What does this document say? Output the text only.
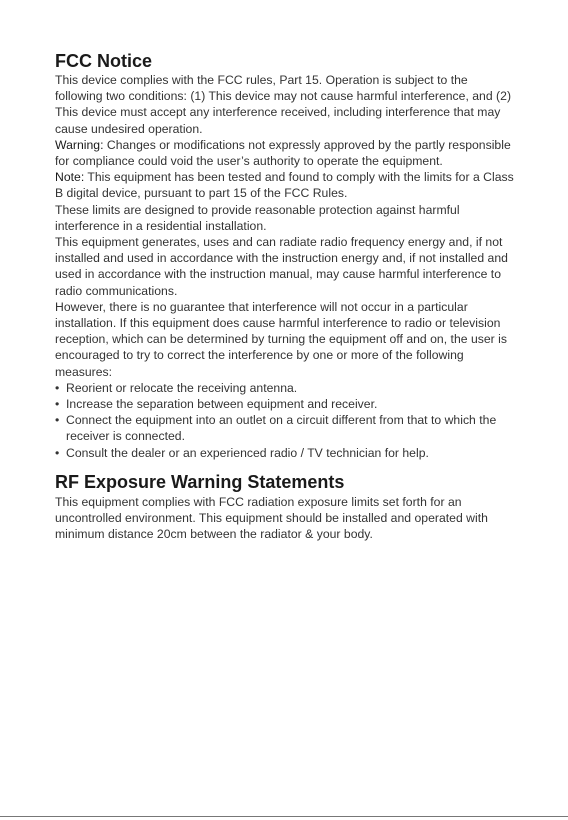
FCC Notice

This device complies with the FCC rules, Part 15. Operation is subject to the following two conditions: (1) This device may not cause harmful interference, and (2) This device must accept any interference received, including interference that may cause undesired operation.

Warning: Changes or modifications not expressly approved by the partly responsible for compliance could void the user’s authority to operate the equipment.

Note: This equipment has been tested and found to comply with the limits for a Class B digital device, pursuant to part 15 of the FCC Rules.

These limits are designed to provide reasonable protection against harmful interference in a residential installation.

This equipment generates, uses and can radiate radio frequency energy and, if not installed and used in accordance with the instruction energy and, if not installed and used in accordance with the instruction manual, may cause harmful interference to radio communications.

However, there is no guarantee that interference will not occur in a particular installation. If this equipment does cause harmful interference to radio or television reception, which can be determined by turning the equipment off and on, the user is encouraged to try to correct the interference by one or more of the following measures:

• Reorient or relocate the receiving antenna.
• Increase the separation between equipment and receiver.
• Connect the equipment into an outlet on a circuit different from that to which the receiver is connected.
• Consult the dealer or an experienced radio / TV technician for help.
RF Exposure Warning Statements

This equipment complies with FCC radiation exposure limits set forth for an uncontrolled environment. This equipment should be installed and operated with minimum distance 20cm between the radiator & your body.
